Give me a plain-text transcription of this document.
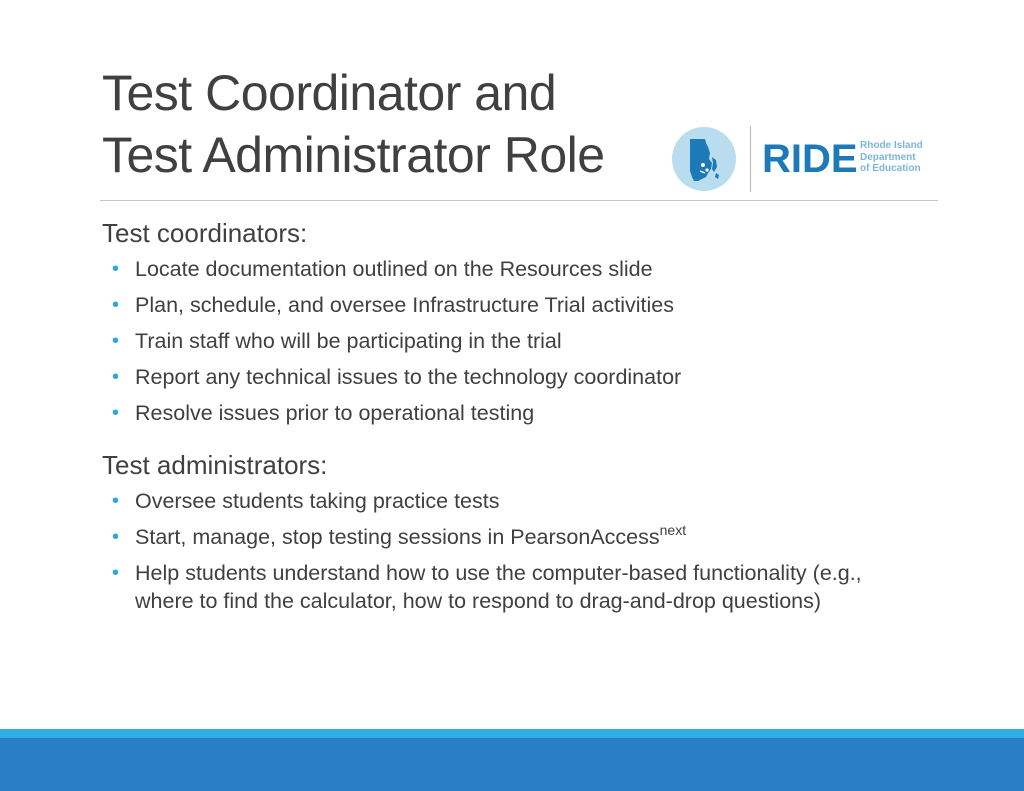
Test Coordinator and
Test Administrator Role	RIDE Rhode Island
Department
of Education
Test coordinators:
• Locate documentation outlined on the Resources slide
• Plan, schedule, and oversee Infrastructure Trial activities
• Train staff who will be participating in the trial
• Report any technical issues to the technology coordinator
• Resolve issues prior to operational testing
Test administrators:
• Oversee students taking practice tests
• Start, manage, stop testing sessions in PearsonAccess$^{next}$
• Help students understand how to use the computer-based functionality (e.g., where to find the calculator, how to respond to drag-and-drop questions)
